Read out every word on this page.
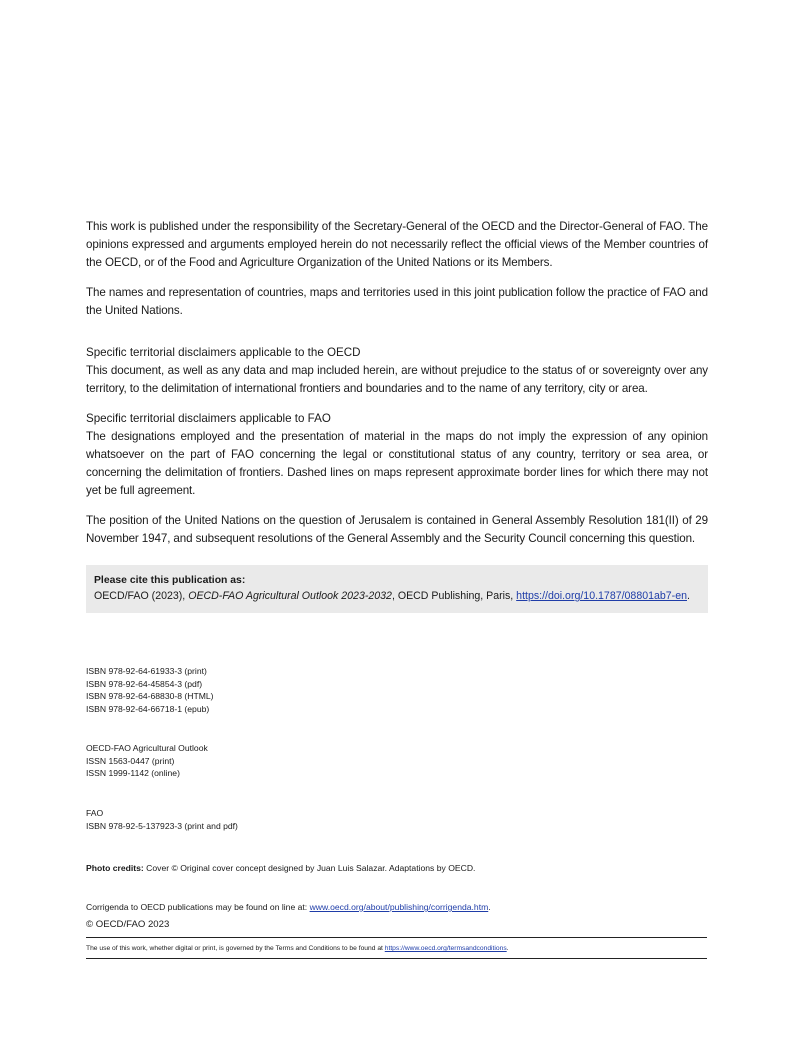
This work is published under the responsibility of the Secretary-General of the OECD and the Director-General of FAO. The opinions expressed and arguments employed herein do not necessarily reflect the official views of the Member countries of the OECD, or of the Food and Agriculture Organization of the United Nations or its Members.

The names and representation of countries, maps and territories used in this joint publication follow the practice of FAO and the United Nations.

Specific territorial disclaimers applicable to the OECD

This document, as well as any data and map included herein, are without prejudice to the status of or sovereignty over any territory, to the delimitation of international frontiers and boundaries and to the name of any territory, city or area.

Specific territorial disclaimers applicable to FAO

The designations employed and the presentation of material in the maps do not imply the expression of any opinion whatsoever on the part of FAO concerning the legal or constitutional status of any country, territory or sea area, or concerning the delimitation of frontiers. Dashed lines on maps represent approximate border lines for which there may not yet be full agreement.

The position of the United Nations on the question of Jerusalem is contained in General Assembly Resolution 181(II) of 29 November 1947, and subsequent resolutions of the General Assembly and the Security Council concerning this question.

Please cite this publication as:
OECD/FAO (2023), OECD-FAO Agricultural Outlook 2023-2032, OECD Publishing, Paris, https://doi.org/10.1787/08801ab7-en.
ISBN 978-92-64-61933-3 (print)
ISBN 978-92-64-45854-3 (pdf)
ISBN 978-92-64-68830-8 (HTML)
ISBN 978-92-64-66718-1 (epub)
OECD-FAO Agricultural Outlook
ISSN 1563-0447 (print)
ISSN 1999-1142 (online)
FAO
ISBN 978-92-5-137923-3 (print and pdf)
Photo credits: Cover © Original cover concept designed by Juan Luis Salazar. Adaptations by OECD.
Corrigenda to OECD publications may be found on line at: www.oecd.org/about/publishing/corrigenda.htm.
© OECD/FAO 2023
The use of this work, whether digital or print, is governed by the Terms and Conditions to be found at https://www.oecd.org/termsandconditions.
